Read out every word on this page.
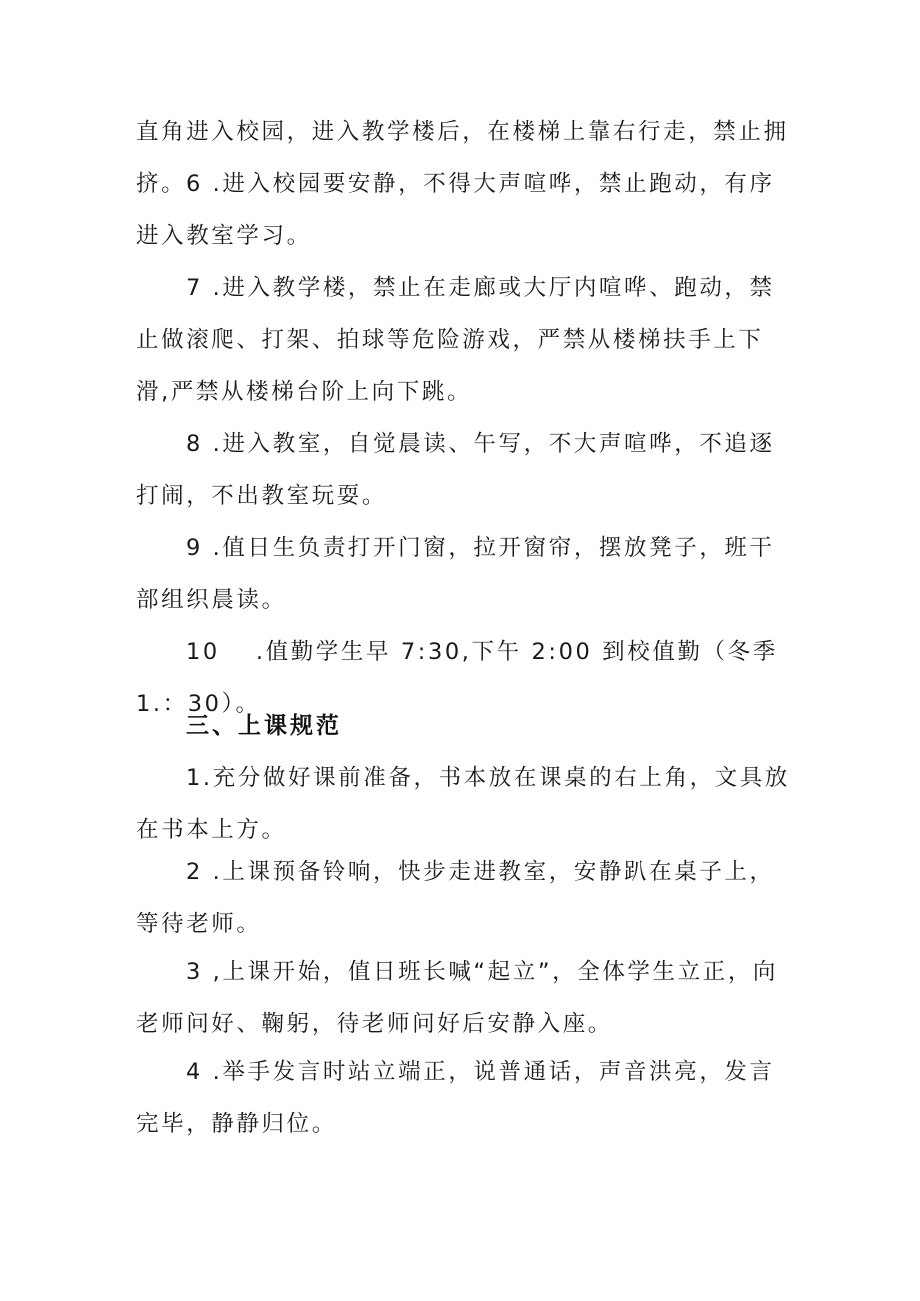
直角进入校园，进入教学楼后，在楼梯上靠右行走，禁止拥挤。 6 .进入校园要安静，不得大声喧哗，禁止跑动，有序进入教室学习。

7 .进入教学楼，禁止在走廊或大厅内喧哗、跑动，禁止做滚爬、打架、拍球等危险游戏，严禁从楼梯扶手上下滑,严禁从楼梯台阶上向下跳。

8 .进入教室，自觉晨读、午写，不大声喧哗，不追逐打闹，不出教室玩耍。

9 .值日生负责打开门窗，拉开窗帘，摆放凳子，班干部组织晨读。

10 .值勤学生早 7:30,下午 2:00 到校值勤（冬季 1.：30）。

三、上课规范

1.充分做好课前准备，书本放在课桌的右上角，文具放在书本上方。

2 .上课预备铃响，快步走进教室，安静趴在桌子上，等待老师。

3 ,上课开始，值日班长喊“起立”，全体学生立正，向老师问好、鞠躬，待老师问好后安静入座。

4 .举手发言时站立端正，说普通话，声音洪亮，发言完毕，静静归位。
